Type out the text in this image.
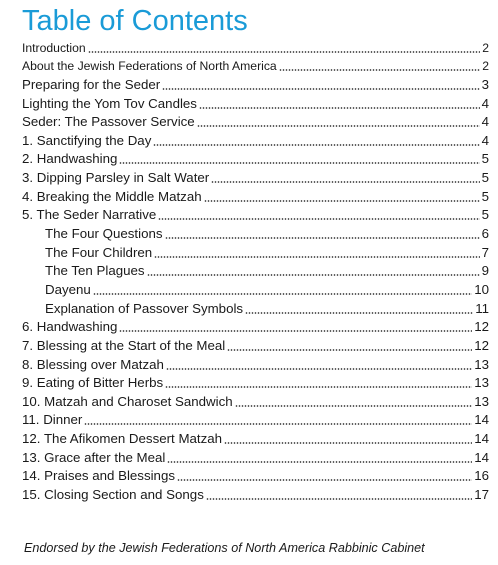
Table of Contents
Introduction	2
About the Jewish Federations of North America	2
Preparing for the Seder	3
Lighting the Yom Tov Candles	4
Seder: The Passover Service	4
1. Sanctifying the Day	4
2. Handwashing	5
3. Dipping Parsley in Salt Water	5
4. Breaking the Middle Matzah	5
5. The Seder Narrative	5
The Four Questions	6
The Four Children	7
The Ten Plagues	9
Dayenu	10
Explanation of Passover Symbols	11
6. Handwashing	12
7. Blessing at the Start of the Meal	12
8. Blessing over Matzah	13
9. Eating of Bitter Herbs	13
10. Matzah and Charoset Sandwich	13
11. Dinner	14
12. The Afikomen Dessert Matzah	14
13. Grace after the Meal	14
14. Praises and Blessings	16
15. Closing Section and Songs	17
Endorsed by the Jewish Federations of North America Rabbinic Cabinet
